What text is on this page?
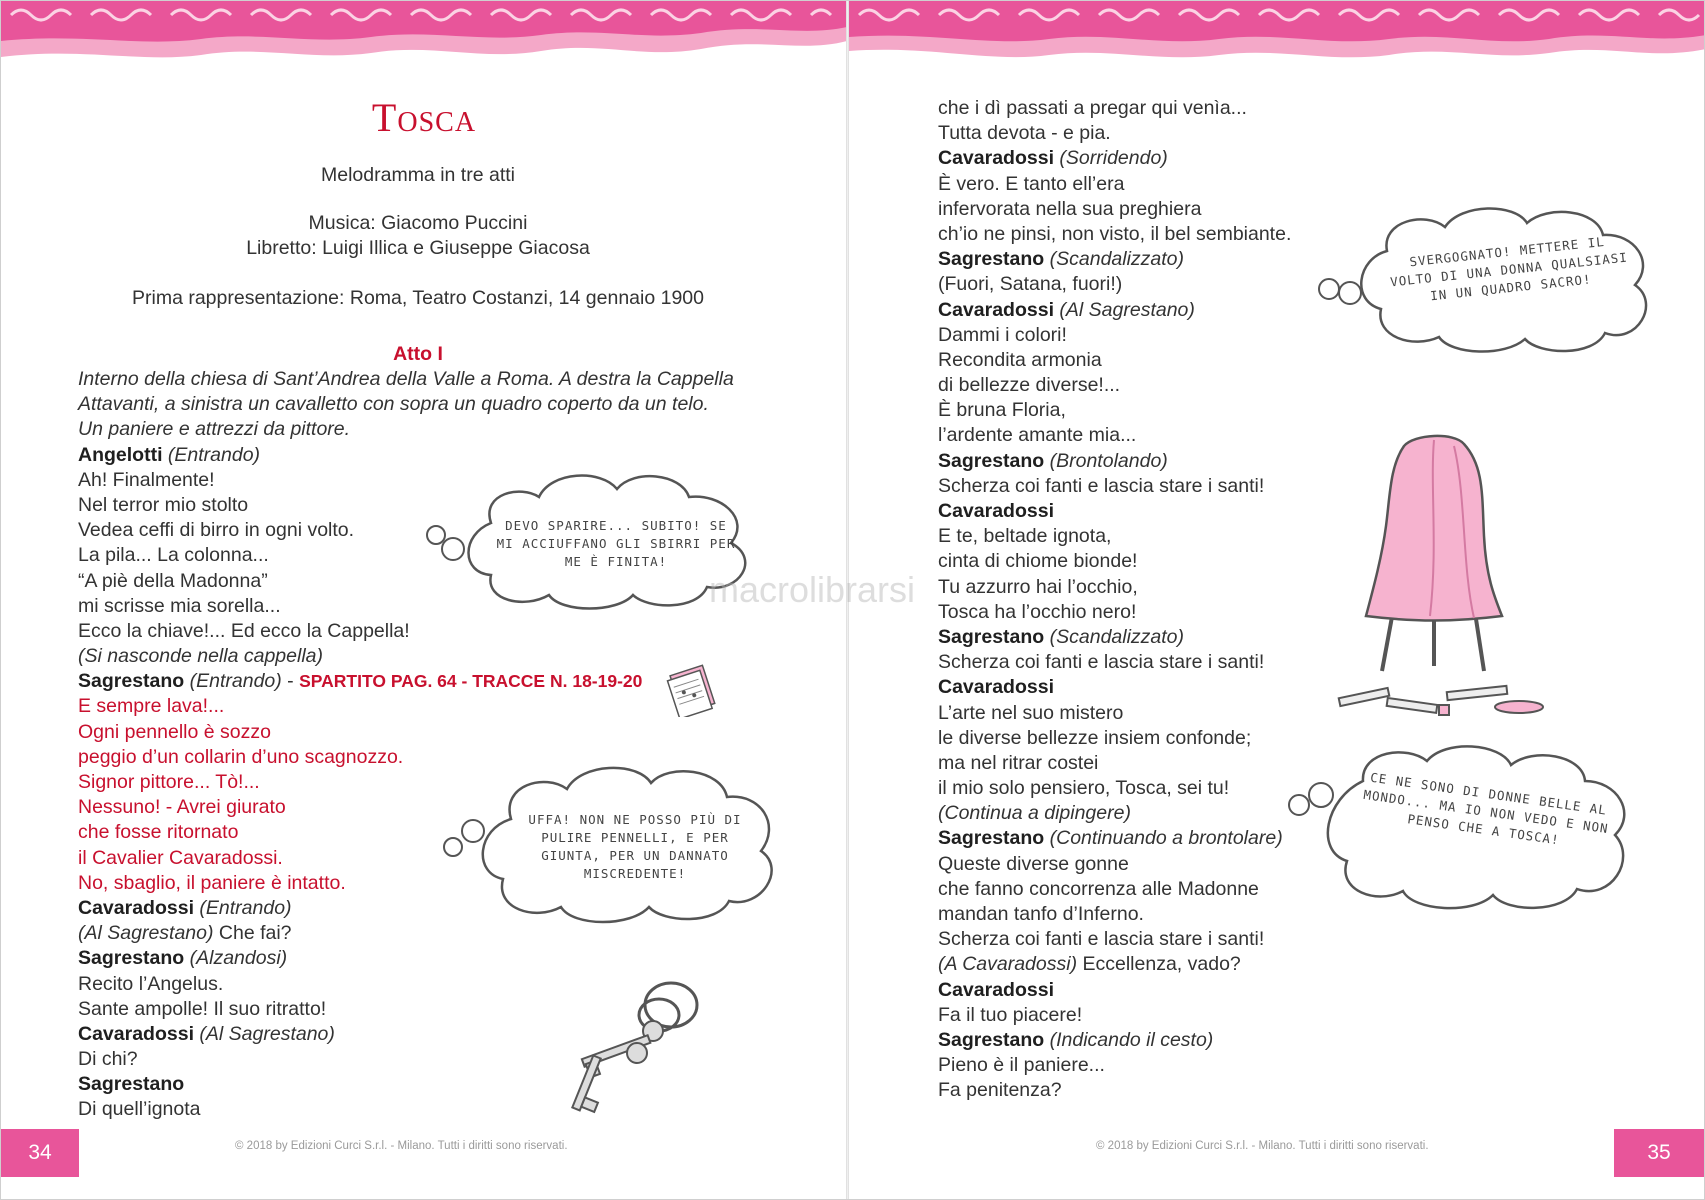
TOSCA
Melodramma in tre atti
Musica: Giacomo Puccini
Libretto: Luigi Illica e Giuseppe Giacosa
Prima rappresentazione: Roma, Teatro Costanzi, 14 gennaio 1900
Atto I
Interno della chiesa di Sant’Andrea della Valle a Roma. A destra la Cappella
Attavanti, a sinistra un cavalletto con sopra un quadro coperto da un telo.
Un paniere e attrezzi da pittore.
Angelotti (Entrando)
Ah! Finalmente!
Nel terror mio stolto
Vedea ceffi di birro in ogni volto.
La pila... La colonna...
“A piè della Madonna”
mi scrisse mia sorella...
Ecco la chiave!... Ed ecco la Cappella!
(Si nasconde nella cappella)
Sagrestano (Entrando) - SPARTITO PAG. 64 - TRACCE N. 18-19-20
E sempre lava!...
Ogni pennello è sozzo
peggio d’un collarin d’uno scagnozzo.
Signor pittore... Tò!...
Nessuno! - Avrei giurato
che fosse ritornato
il Cavalier Cavaradossi.
No, sbaglio, il paniere è intatto.
Cavaradossi (Entrando)
(Al Sagrestano) Che fai?
Sagrestano (Alzandosi)
Recito l’Angelus.
Sante ampolle! Il suo ritratto!
Cavaradossi (Al Sagrestano)
Di chi?
Sagrestano
Di quell’ignota
DEVO SPARIRE... SUBITO! SE MI ACCIUFFANO GLI SBIRRI PER ME È FINITA!
UFFA! NON NE POSSO PIÙ DI PULIRE PENNELLI, E PER GIUNTA, PER UN DANNATO MISCREDENTE!
© 2018 by Edizioni Curci S.r.l. - Milano. Tutti i diritti sono riservati.
34
che i dì passati a pregar qui venìa...
Tutta devota - e pia.
Cavaradossi (Sorridendo)
È vero. E tanto ell’era
infervorata nella sua preghiera
ch’io ne pinsi, non visto, il bel sembiante.
Sagrestano (Scandalizzato)
(Fuori, Satana, fuori!)
Cavaradossi (Al Sagrestano)
Dammi i colori!
Recondita armonia
di bellezze diverse!...
È bruna Floria,
l’ardente amante mia...
Sagrestano (Brontolando)
Scherza coi fanti e lascia stare i santi!
Cavaradossi
E te, beltade ignota,
cinta di chiome bionde!
Tu azzurro hai l’occhio,
Tosca ha l’occhio nero!
Sagrestano (Scandalizzato)
Scherza coi fanti e lascia stare i santi!
Cavaradossi
L’arte nel suo mistero
le diverse bellezze insiem confonde;
ma nel ritrar costei
il mio solo pensiero, Tosca, sei tu!
(Continua a dipingere)
Sagrestano (Continuando a brontolare)
Queste diverse gonne
che fanno concorrenza alle Madonne
mandan tanfo d’Inferno.
Scherza coi fanti e lascia stare i santi!
(A Cavaradossi) Eccellenza, vado?
Cavaradossi
Fa il tuo piacere!
Sagrestano (Indicando il cesto)
Pieno è il paniere...
Fa penitenza?
SVERGOGNATO! METTERE IL VOLTO DI UNA DONNA QUALSIASI IN UN QUADRO SACRO!
CE NE SONO DI DONNE BELLE AL MONDO... MA IO NON VEDO E NON PENSO CHE A TOSCA!
© 2018 by Edizioni Curci S.r.l. - Milano. Tutti i diritti sono riservati.	35
macrolibrarsi
